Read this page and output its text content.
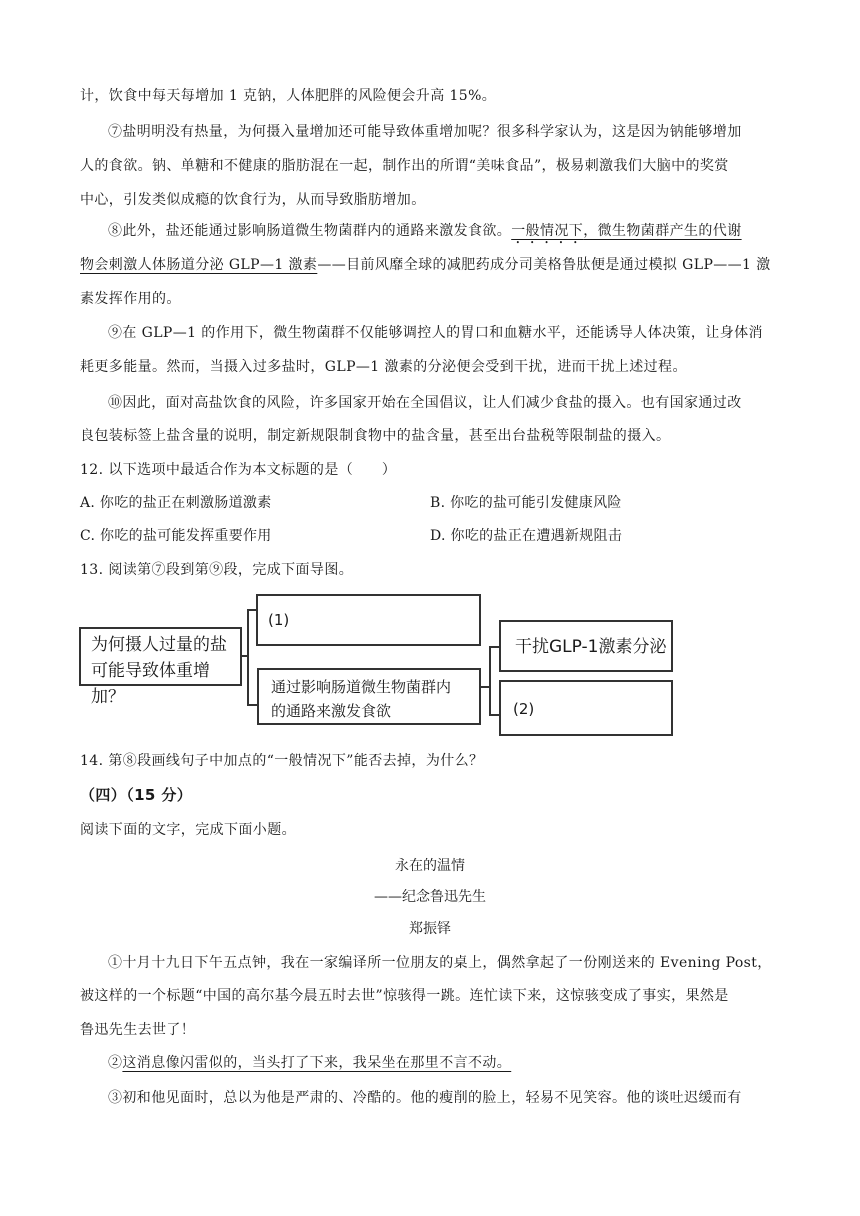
计，饮食中每天每增加 1 克钠，人体肥胖的风险便会升高 15%。
⑦盐明明没有热量，为何摄入量增加还可能导致体重增加呢？很多科学家认为，这是因为钠能够增加
人的食欲。钠、单糖和不健康的脂肪混在一起，制作出的所谓“美味食品”，极易刺激我们大脑中的奖赏
中心，引发类似成瘾的饮食行为，从而导致脂肪增加。
⑧此外，盐还能通过影响肠道微生物菌群内的通路来激发食欲。一般情况下，微生物菌群产生的代谢
物会刺激人体肠道分泌 GLP—1 激素——目前风靡全球的减肥药成分司美格鲁肽便是通过模拟 GLP——1 激
素发挥作用的。
⑨在 GLP—1 的作用下，微生物菌群不仅能够调控人的胃口和血糖水平，还能诱导人体决策，让身体消
耗更多能量。然而，当摄入过多盐时，GLP—1 激素的分泌便会受到干扰，进而干扰上述过程。
⑩因此，面对高盐饮食的风险，许多国家开始在全国倡议，让人们减少食盐的摄入。也有国家通过改
良包装标签上盐含量的说明，制定新规限制食物中的盐含量，甚至出台盐税等限制盐的摄入。
12. 以下选项中最适合作为本文标题的是（　　）
A. 你吃的盐正在刺激肠道激素	B. 你吃的盐可能引发健康风险
C. 你吃的盐可能发挥重要作用	D. 你吃的盐正在遭遇新规阻击
13. 阅读第⑦段到第⑨段，完成下面导图。
为何摄人过量的盐
可能导致体重增加？
(1)
通过影响肠道微生物菌群内
的通路来激发食欲
干扰GLP-1激素分泌
(2)
14. 第⑧段画线句子中加点的“一般情况下”能否去掉，为什么？
（四）（15 分）
阅读下面的文字，完成下面小题。
永在的温情
——纪念鲁迅先生
郑振铎
①十月十九日下午五点钟，我在一家编译所一位朋友的桌上，偶然拿起了一份刚送来的 Evening Post，
被这样的一个标题“中国的高尔基今晨五时去世”惊骇得一跳。连忙读下来，这惊骇变成了事实，果然是
鲁迅先生去世了！
②这消息像闪雷似的，当头打了下来，我呆坐在那里不言不动。
③初和他见面时，总以为他是严肃的、冷酷的。他的瘦削的脸上，轻易不见笑容。他的谈吐迟缓而有
